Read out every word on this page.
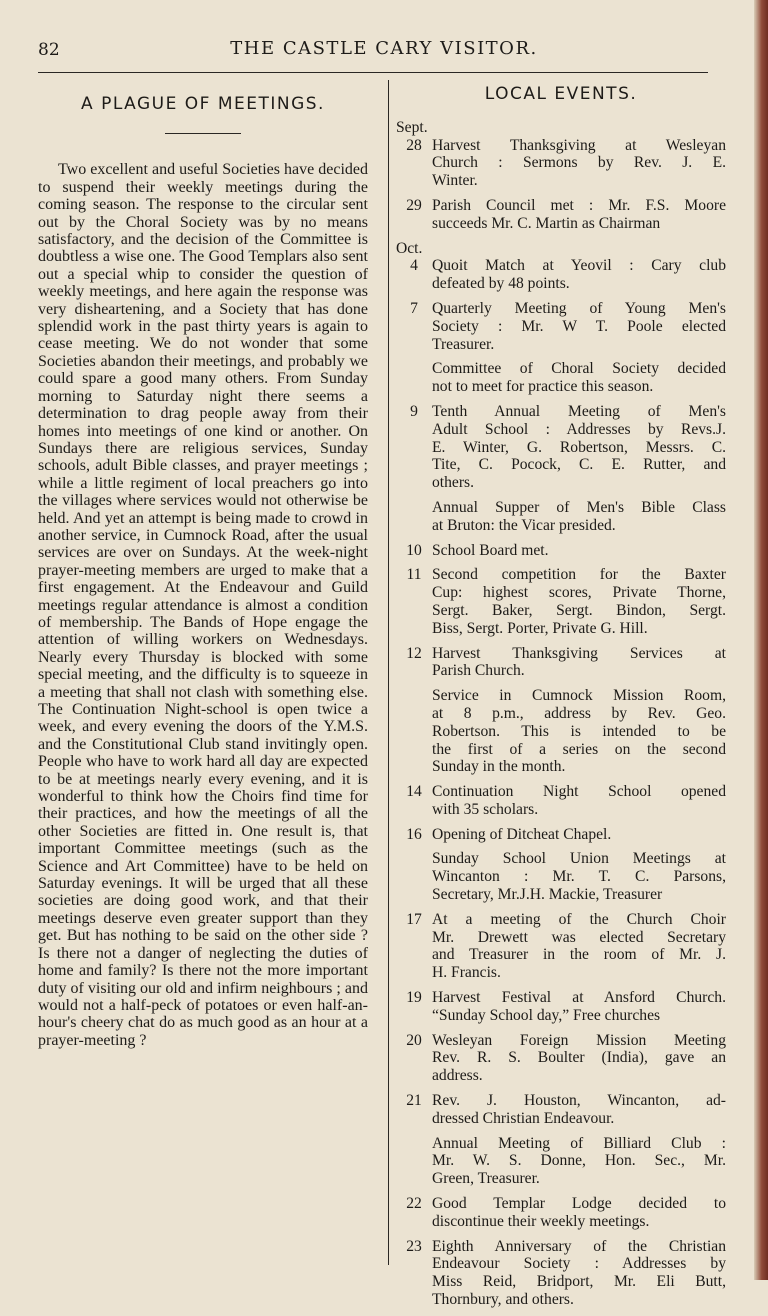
82	THE CASTLE CARY VISITOR.
A PLAGUE OF MEETINGS.

Two excellent and useful Societies have decided to suspend their weekly meetings during the coming season. The response to the circular sent out by the Choral Society was by no means satisfactory, and the decision of the Committee is doubtless a wise one. The Good Templars also sent out a special whip to consider the question of weekly meetings, and here again the response was very disheartening, and a Society that has done splendid work in the past thirty years is again to cease meeting. We do not wonder that some Societies abandon their meetings, and probably we could spare a good many others. From Sunday morning to Saturday night there seems a determination to drag people away from their homes into meetings of one kind or another. On Sundays there are religious services, Sunday schools, adult Bible classes, and prayer meetings ; while a little regiment of local preachers go into the villages where services would not otherwise be held. And yet an attempt is being made to crowd in another service, in Cumnock Road, after the usual services are over on Sundays. At the week-night prayer-meeting members are urged to make that a first engagement. At the Endeavour and Guild meetings regular attendance is almost a condition of membership. The Bands of Hope engage the attention of willing workers on Wednesdays. Nearly every Thursday is blocked with some special meeting, and the difficulty is to squeeze in a meeting that shall not clash with something else. The Continuation Night-school is open twice a week, and every evening the doors of the Y.M.S. and the Constitutional Club stand invitingly open. People who have to work hard all day are expected to be at meetings nearly every evening, and it is wonderful to think how the Choirs find time for their practices, and how the meetings of all the other Societies are fitted in. One result is, that important Committee meetings (such as the Science and Art Committee) have to be held on Saturday evenings. It will be urged that all these societies are doing good work, and that their meetings deserve even greater support than they get. But has nothing to be said on the other side ? Is there not a danger of neglecting the duties of home and family? Is there not the more important duty of visiting our old and infirm neighbours ; and would not a half-peck of potatoes or even half-an-hour's cheery chat do as much good as an hour at a prayer-meeting ?

LOCAL EVENTS.
Sept.
28 Harvest Thanksgiving at Wesleyan
Church : Sermons by Rev. J. E.
Winter.
29 Parish Council met : Mr. F.S. Moore
succeeds Mr. C. Martin as Chairman
Oct.
4 Quoit Match at Yeovil : Cary club
defeated by 48 points.
7 Quarterly Meeting of Young Men's
Society : Mr. W T. Poole elected
Treasurer.
Committee of Choral Society decided
not to meet for practice this season.
9 Tenth Annual Meeting of Men's
Adult School : Addresses by Revs.J.
E. Winter, G. Robertson, Messrs. C.
Tite, C. Pocock, C. E. Rutter, and
others.
Annual Supper of Men's Bible Class
at Bruton: the Vicar presided.
10 School Board met.
11 Second competition for the Baxter
Cup: highest scores, Private Thorne,
Sergt. Baker, Sergt. Bindon, Sergt.
Biss, Sergt. Porter, Private G. Hill.
12 Harvest Thanksgiving Services at
Parish Church.
Service in Cumnock Mission Room,
at 8 p.m., address by Rev. Geo.
Robertson. This is intended to be
the first of a series on the second
Sunday in the month.
14 Continuation Night School opened
with 35 scholars.
16 Opening of Ditcheat Chapel.
Sunday School Union Meetings at
Wincanton : Mr. T. C. Parsons,
Secretary, Mr.J.H. Mackie, Treasurer
17 At a meeting of the Church Choir
Mr. Drewett was elected Secretary
and Treasurer in the room of Mr. J.
H. Francis.
19 Harvest Festival at Ansford Church.
“Sunday School day,” Free churches
20 Wesleyan Foreign Mission Meeting
Rev. R. S. Boulter (India), gave an
address.
21 Rev. J. Houston, Wincanton, ad-
dressed Christian Endeavour.
Annual Meeting of Billiard Club :
Mr. W. S. Donne, Hon. Sec., Mr.
Green, Treasurer.
22 Good Templar Lodge decided to
discontinue their weekly meetings.
23 Eighth Anniversary of the Christian
Endeavour Society : Addresses by
Miss Reid, Bridport, Mr. Eli Butt,
Thornbury, and others.
